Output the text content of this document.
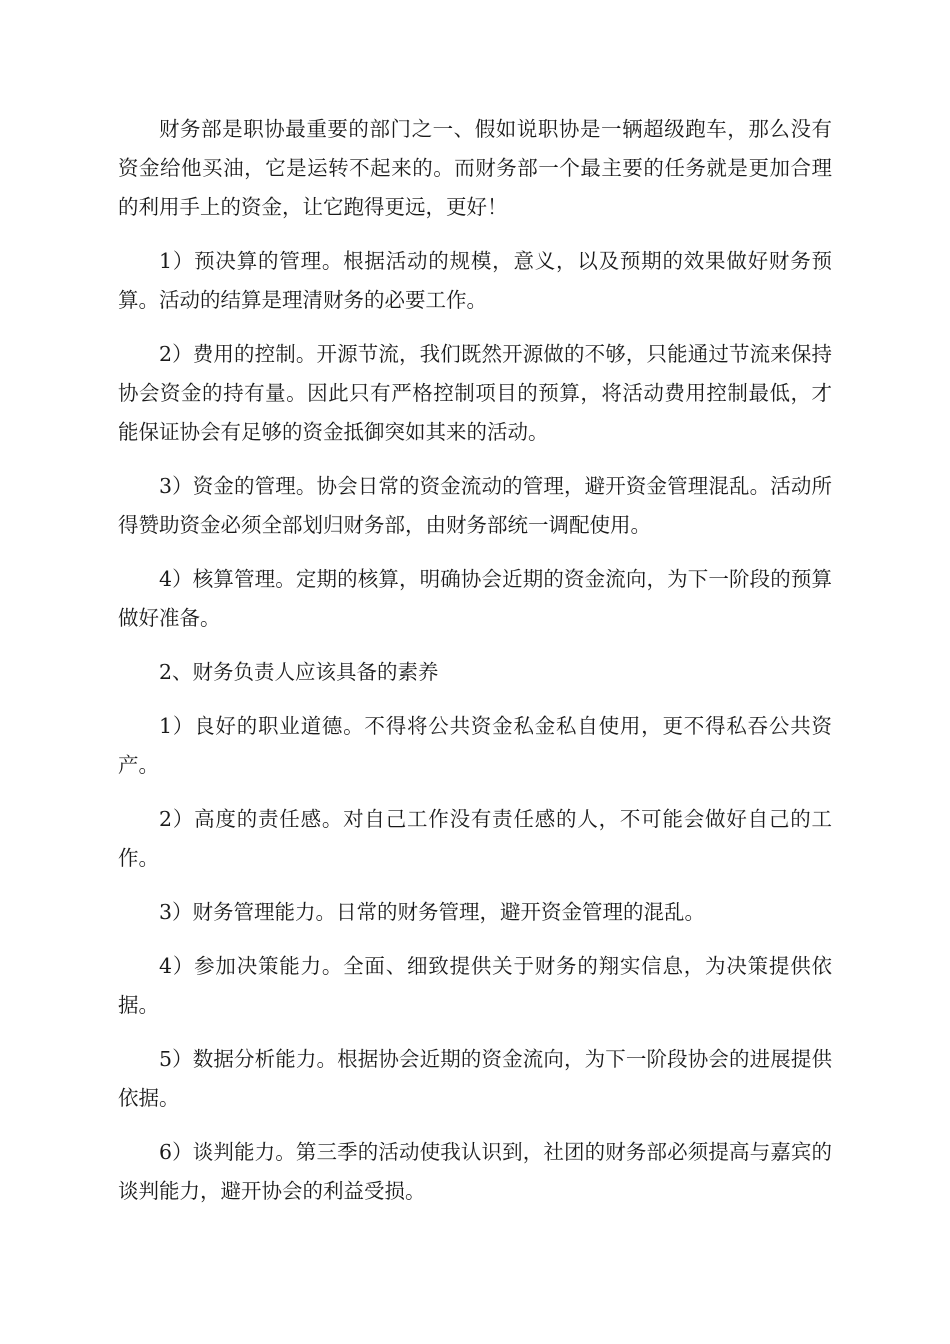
财务部是职协最重要的部门之一、假如说职协是一辆超级跑车，那么没有资金给他买油，它是运转不起来的。而财务部一个最主要的任务就是更加合理的利用手上的资金，让它跑得更远，更好！

1）预决算的管理。根据活动的规模，意义，以及预期的效果做好财务预算。活动的结算是理清财务的必要工作。

2）费用的控制。开源节流，我们既然开源做的不够，只能通过节流来保持协会资金的持有量。因此只有严格控制项目的预算，将活动费用控制最低，才能保证协会有足够的资金抵御突如其来的活动。

3）资金的管理。协会日常的资金流动的管理，避开资金管理混乱。活动所得赞助资金必须全部划归财务部，由财务部统一调配使用。

4）核算管理。定期的核算，明确协会近期的资金流向，为下一阶段的预算做好准备。

2、财务负责人应该具备的素养

1）良好的职业道德。不得将公共资金私金私自使用，更不得私吞公共资产。

2）高度的责任感。对自己工作没有责任感的人，不可能会做好自己的工作。

3）财务管理能力。日常的财务管理，避开资金管理的混乱。

4）参加决策能力。全面、细致提供关于财务的翔实信息，为决策提供依据。

5）数据分析能力。根据协会近期的资金流向，为下一阶段协会的进展提供依据。

6）谈判能力。第三季的活动使我认识到，社团的财务部必须提高与嘉宾的谈判能力，避开协会的利益受损。
